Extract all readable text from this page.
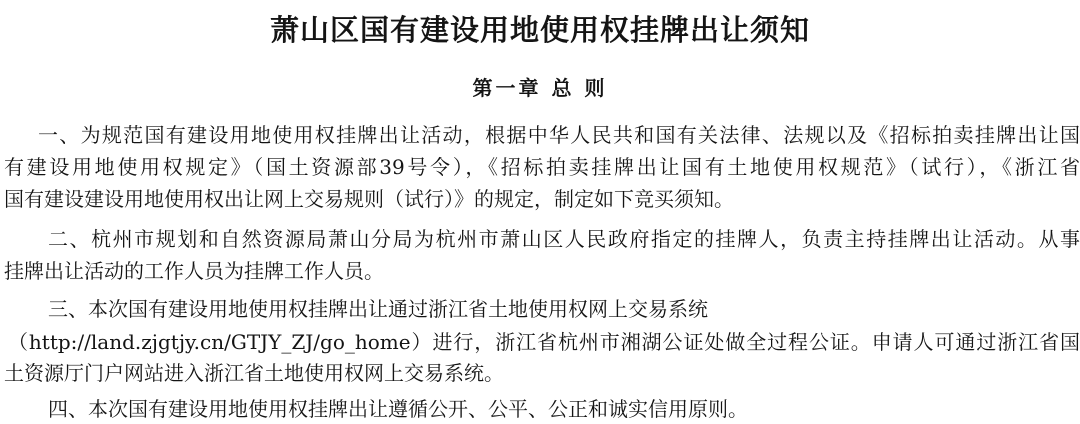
萧山区国有建设用地使用权挂牌出让须知
第一章 总 则
一、为规范国有建设用地使用权挂牌出让活动，根据中华人民共和国有关法律、法规以及《招标拍卖挂牌出让国
有建设用地使用权规定》（国土资源部39号令），《招标拍卖挂牌出让国有土地使用权规范》（试行），《浙江省
国有建设建设用地使用权出让网上交易规则（试行）》的规定，制定如下竞买须知。
二、杭州市规划和自然资源局萧山分局为杭州市萧山区人民政府指定的挂牌人，负责主持挂牌出让活动。从事
挂牌出让活动的工作人员为挂牌工作人员。
三、本次国有建设用地使用权挂牌出让通过浙江省土地使用权网上交易系统
（http://land.zjgtjy.cn/GTJY_ZJ/go_home）进行，浙江省杭州市湘湖公证处做全过程公证。申请人可通过浙江省国
土资源厅门户网站进入浙江省土地使用权网上交易系统。
四、本次国有建设用地使用权挂牌出让遵循公开、公平、公正和诚实信用原则。
